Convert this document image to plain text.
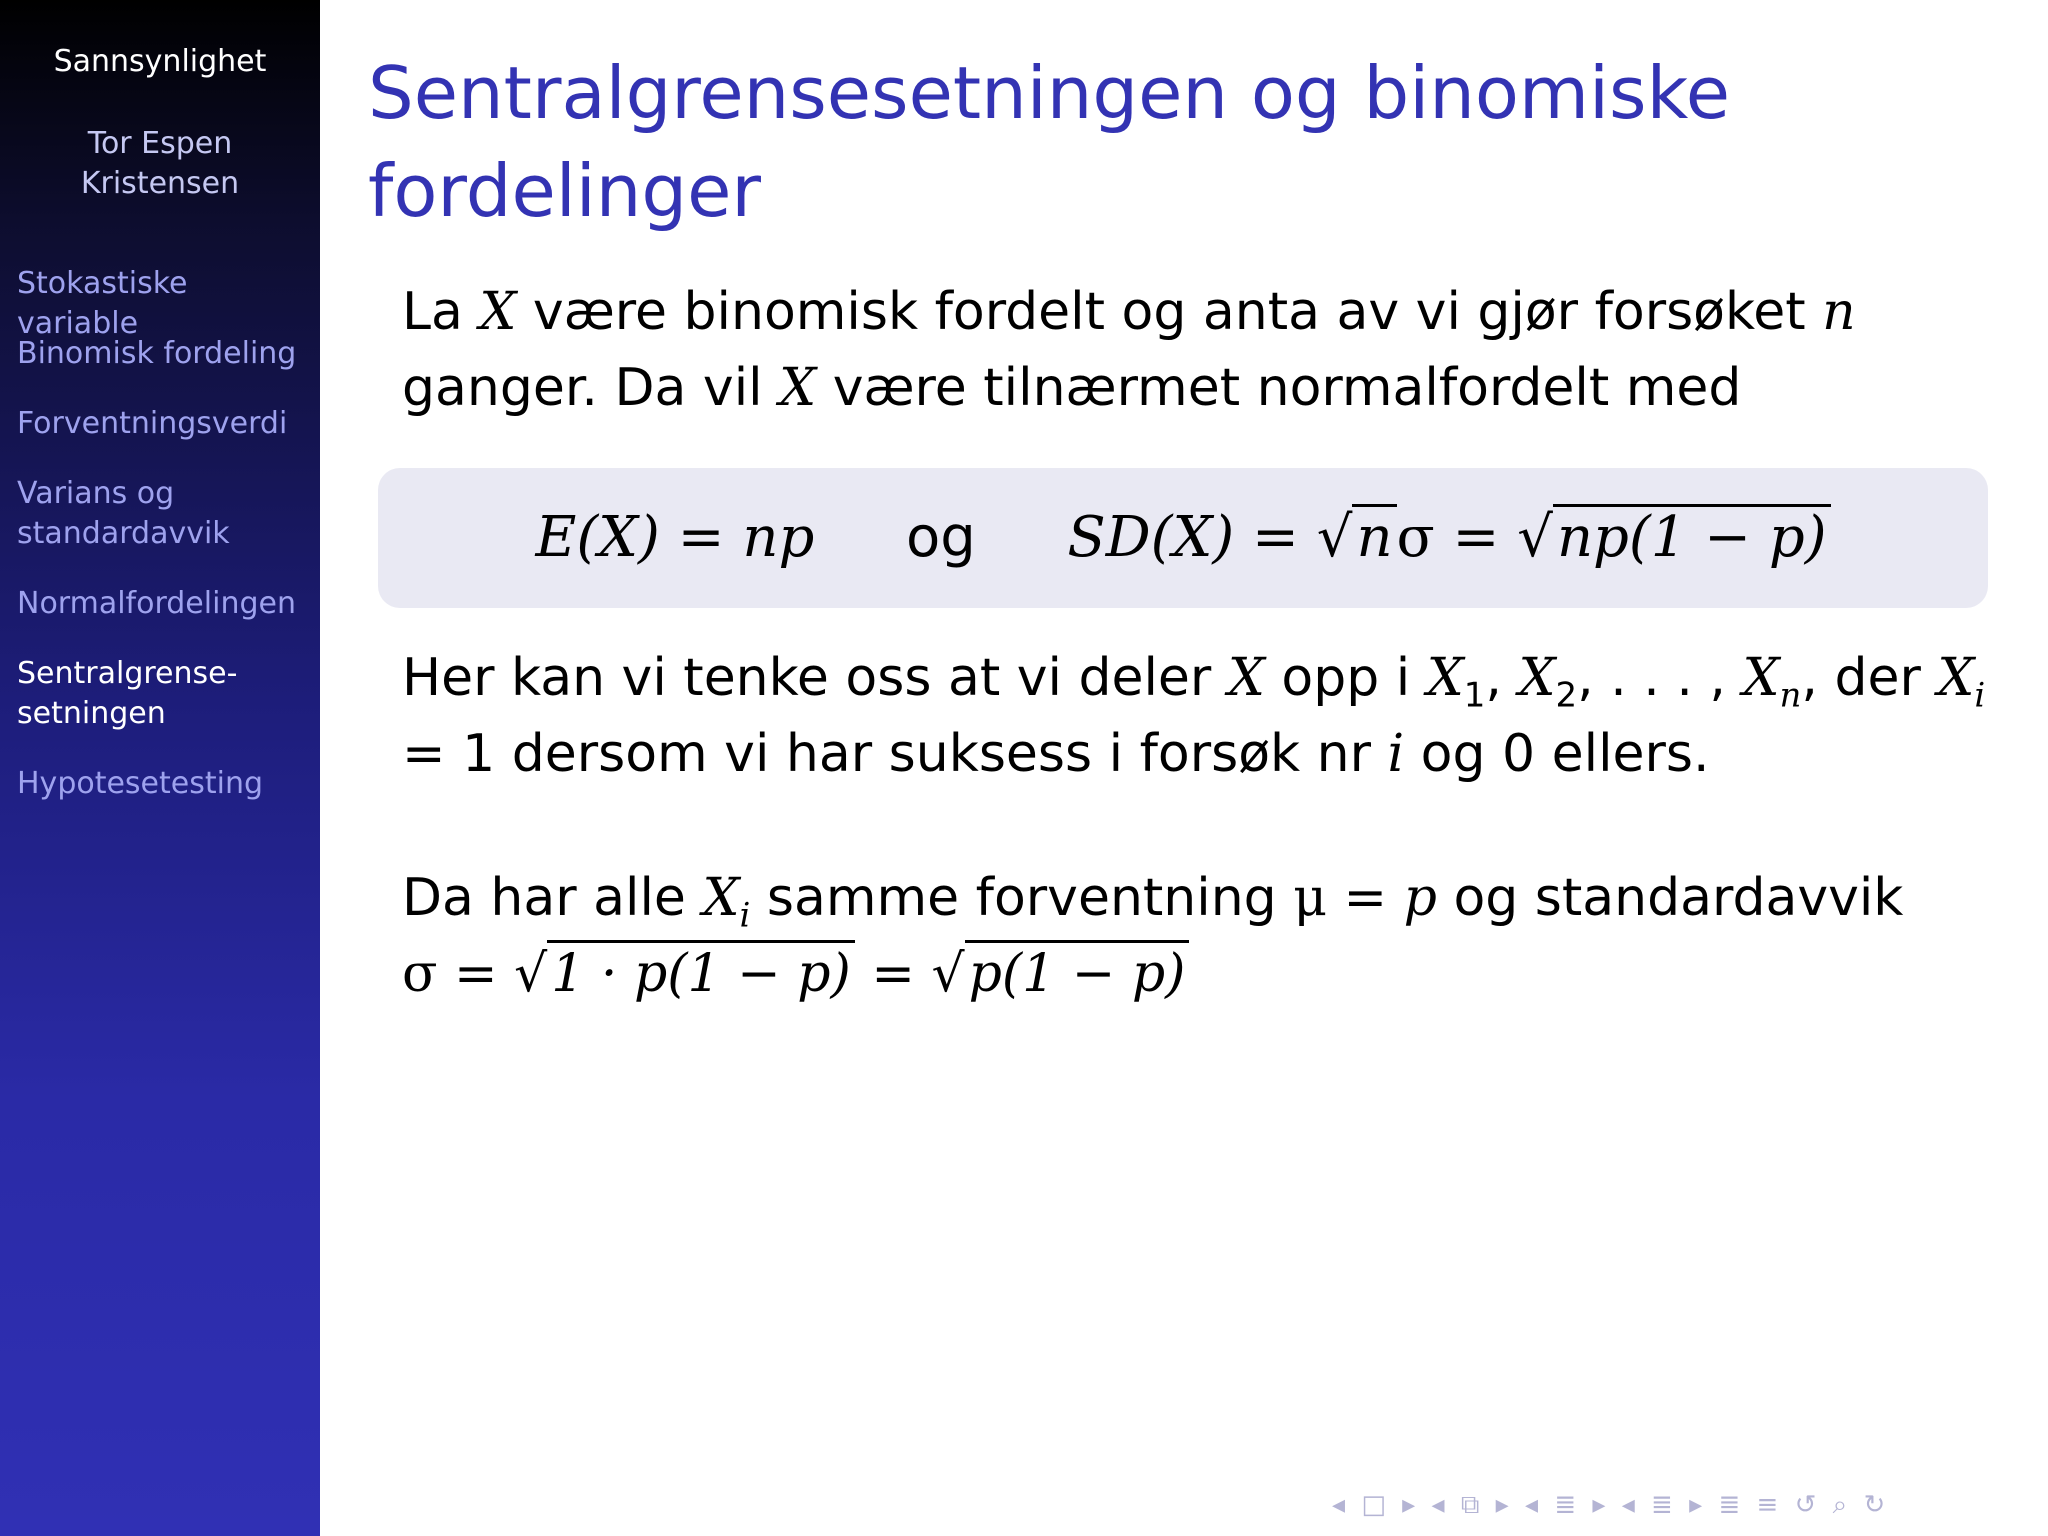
Sannsynlighet
Tor Espen
Kristensen
Stokastiske variable
Binomisk fordeling
Forventningsverdi
Varians og
standardavvik
Normalfordelingen
Sentralgrense-
setningen
Hypotesetesting
Sentralgrensesetningen og binomiske fordelinger
La X være binomisk fordelt og anta av vi gjør forsøket n ganger. Da vil X være tilnærmet normalfordelt med
E(X) = np og SD(X) = √nσ = √np(1 − p)
Her kan vi tenke oss at vi deler X opp i $X_1$, $X_2$, . . . , $X_n$, der $X_i = 1$ dersom vi har suksess i forsøk nr i og 0 ellers.
Da har alle $X_i$ samme forventning μ = p og standardavvik
σ = √1 · p(1 − p) = √p(1 − p)
◂ □ ▸ ◂ ⧉ ▸ ◂ ≣ ▸ ◂ ≣ ▸ ≣ ≡ ↺ ⌕ ↻
